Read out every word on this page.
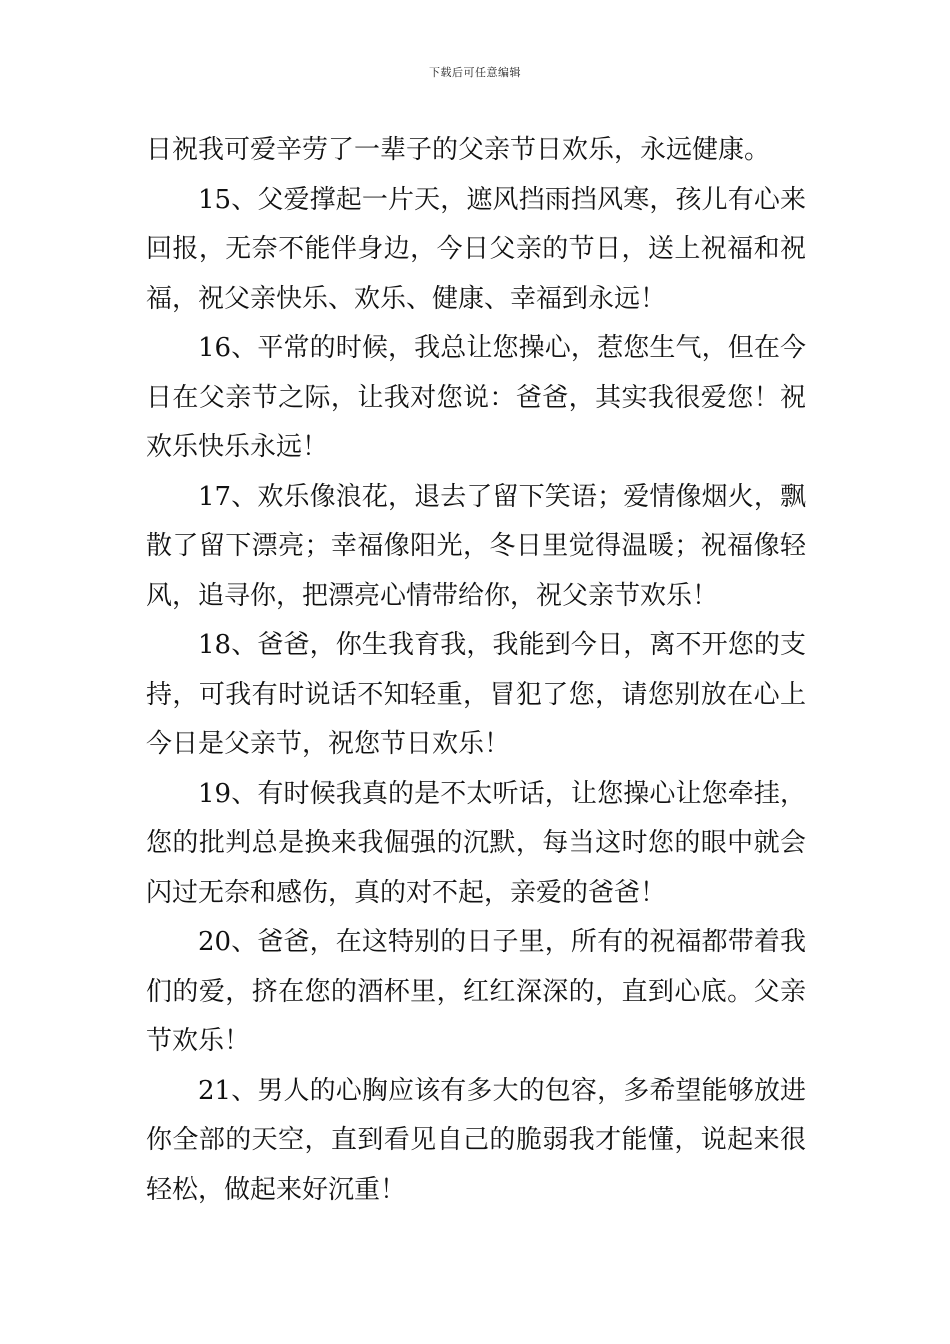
下载后可任意编辑

日祝我可爱辛劳了一辈子的父亲节日欢乐，永远健康。

15、父爱撑起一片天，遮风挡雨挡风寒，孩儿有心来回报，无奈不能伴身边，今日父亲的节日，送上祝福和祝福，祝父亲快乐、欢乐、健康、幸福到永远！

16、平常的时候，我总让您操心，惹您生气，但在今日在父亲节之际，让我对您说：爸爸，其实我很爱您！祝欢乐快乐永远！

17、欢乐像浪花，退去了留下笑语；爱情像烟火，飘散了留下漂亮；幸福像阳光，冬日里觉得温暖；祝福像轻风，追寻你，把漂亮心情带给你，祝父亲节欢乐！

18、爸爸，你生我育我，我能到今日，离不开您的支持，可我有时说话不知轻重，冒犯了您，请您别放在心上今日是父亲节，祝您节日欢乐！

19、有时候我真的是不太听话，让您操心让您牵挂，您的批判总是换来我倔强的沉默，每当这时您的眼中就会闪过无奈和感伤，真的对不起，亲爱的爸爸！

20、爸爸，在这特别的日子里，所有的祝福都带着我们的爱，挤在您的酒杯里，红红深深的，直到心底。父亲节欢乐！

21、男人的心胸应该有多大的包容，多希望能够放进你全部的天空，直到看见自己的脆弱我才能懂，说起来很轻松，做起来好沉重！
